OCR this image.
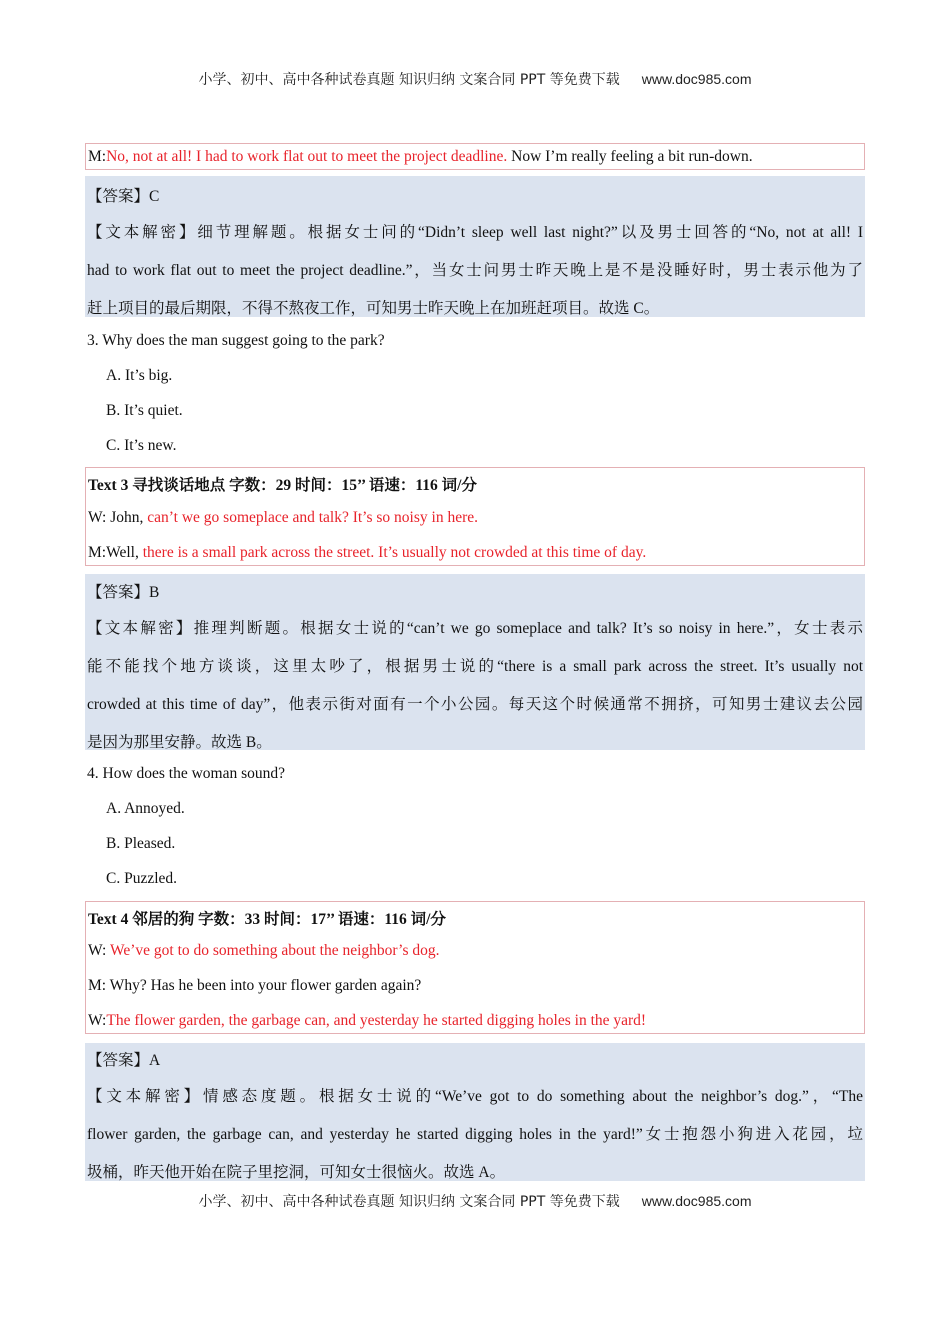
小学、初中、高中各种试卷真题 知识归纳 文案合同 PPT 等免费下载 www.doc985.com
M:No, not at all! I had to work flat out to meet the project deadline. Now I’m really feeling a bit run-down.
【答案】C
【文本解密】细节理解题。根据女士问的“Didn’t sleep well last night?”以及男士回答的“No, not at all! I
had to work flat out to meet the project deadline.”，当女士问男士昨天晚上是不是没睡好时，男士表示他为了
赶上项目的最后期限，不得不熬夜工作，可知男士昨天晚上在加班赶项目。故选 C。
3. Why does the man suggest going to the park?
A. It’s big.
B. It’s quiet.
C. It’s new.
Text 3 寻找谈话地点 字数：29 时间：15’’ 语速：116 词/分
W: John, can’t we go someplace and talk? It’s so noisy in here.
M:Well, there is a small park across the street. It’s usually not crowded at this time of day.
【答案】B
【文本解密】推理判断题。根据女士说的“can’t we go someplace and talk? It’s so noisy in here.”，女士表示
能不能找个地方谈谈，这里太吵了，根据男士说的“there is a small park across the street. It’s usually not
crowded at this time of day”，他表示街对面有一个小公园。每天这个时候通常不拥挤，可知男士建议去公园
是因为那里安静。故选 B。
4. How does the woman sound?
A. Annoyed.
B. Pleased.
C. Puzzled.
Text 4 邻居的狗 字数：33 时间：17’’ 语速：116 词/分
W: We’ve got to do something about the neighbor’s dog.
M: Why? Has he been into your flower garden again?
W:The flower garden, the garbage can, and yesterday he started digging holes in the yard!
【答案】A
【文本解密】情感态度题。根据女士说的“We’ve got to do something about the neighbor’s dog.”，“The
flower garden, the garbage can, and yesterday he started digging holes in the yard!”女士抱怨小狗进入花园，垃
圾桶，昨天他开始在院子里挖洞，可知女士很恼火。故选 A。
小学、初中、高中各种试卷真题 知识归纳 文案合同 PPT 等免费下载 www.doc985.com
